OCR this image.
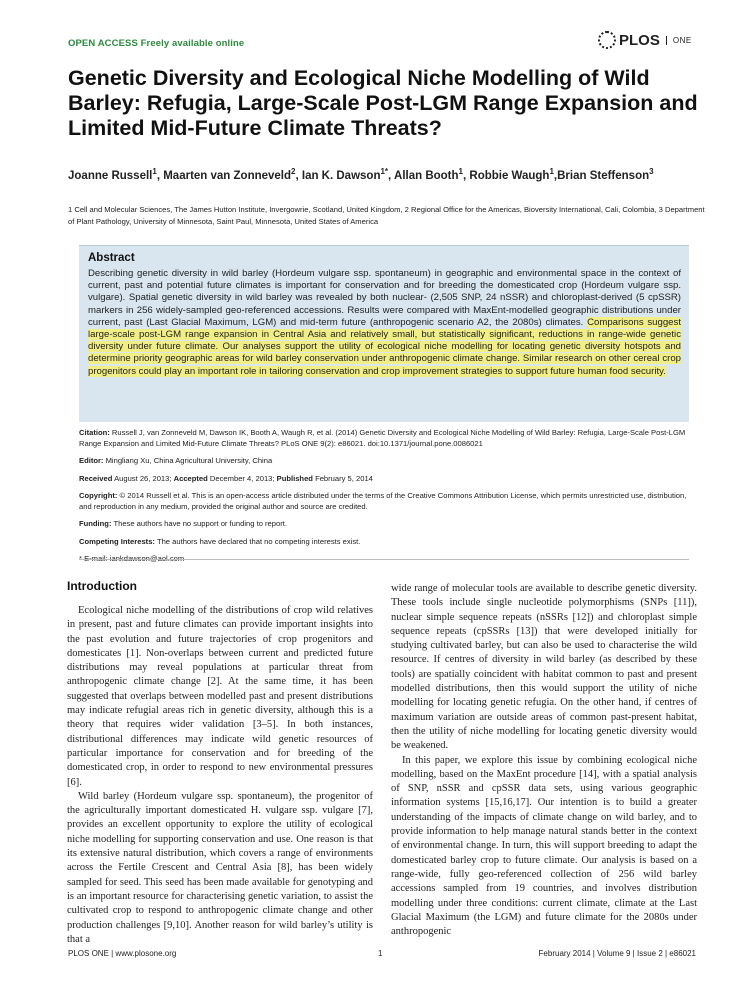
OPEN ACCESS Freely available online	PLOS	ONE
Genetic Diversity and Ecological Niche Modelling of Wild Barley: Refugia, Large-Scale Post-LGM Range Expansion and Limited Mid-Future Climate Threats?
Joanne Russell$^1$, Maarten van Zonneveld$^2$, Ian K. Dawson$^{1*}$, Allan Booth$^1$, Robbie Waugh$^1$,Brian Steffenson$^3$
1 Cell and Molecular Sciences, The James Hutton Institute, Invergowrie, Scotland, United Kingdom, 2 Regional Office for the Americas, Bioversity International, Cali, Colombia, 3 Department of Plant Pathology, University of Minnesota, Saint Paul, Minnesota, United States of America
Abstract

Describing genetic diversity in wild barley (Hordeum vulgare ssp. spontaneum) in geographic and environmental space in the context of current, past and potential future climates is important for conservation and for breeding the domesticated crop (Hordeum vulgare ssp. vulgare). Spatial genetic diversity in wild barley was revealed by both nuclear- (2,505 SNP, 24 nSSR) and chloroplast-derived (5 cpSSR) markers in 256 widely-sampled geo-referenced accessions. Results were compared with MaxEnt-modelled geographic distributions under current, past (Last Glacial Maximum, LGM) and mid-term future (anthropogenic scenario A2, the 2080s) climates. Comparisons suggest large-scale post-LGM range expansion in Central Asia and relatively small, but statistically significant, reductions in range-wide genetic diversity under future climate. Our analyses support the utility of ecological niche modelling for locating genetic diversity hotspots and determine priority geographic areas for wild barley conservation under anthropogenic climate change. Similar research on other cereal crop progenitors could play an important role in tailoring conservation and crop improvement strategies to support future human food security.

Citation: Russell J, van Zonneveld M, Dawson IK, Booth A, Waugh R, et al. (2014) Genetic Diversity and Ecological Niche Modelling of Wild Barley: Refugia, Large-Scale Post-LGM Range Expansion and Limited Mid-Future Climate Threats? PLoS ONE 9(2): e86021. doi:10.1371/journal.pone.0086021

Editor: Mingliang Xu, China Agricultural University, China

Received August 26, 2013; Accepted December 4, 2013; Published February 5, 2014

Copyright: © 2014 Russell et al. This is an open-access article distributed under the terms of the Creative Commons Attribution License, which permits unrestricted use, distribution, and reproduction in any medium, provided the original author and source are credited.

Funding: These authors have no support or funding to report.

Competing Interests: The authors have declared that no competing interests exist.

* E-mail: iankdawson@aol.com

Introduction

Ecological niche modelling of the distributions of crop wild relatives in present, past and future climates can provide important insights into the past evolution and future trajectories of crop progenitors and domesticates [1]. Non-overlaps between current and predicted future distributions may reveal populations at particular threat from anthropogenic climate change [2]. At the same time, it has been suggested that overlaps between modelled past and present distributions may indicate refugial areas rich in genetic diversity, although this is a theory that requires wider validation [3–5]. In both instances, distributional differences may indicate wild genetic resources of particular importance for conservation and for breeding of the domesticated crop, in order to respond to new environmental pressures [6].

Wild barley (Hordeum vulgare ssp. spontaneum), the progenitor of the agriculturally important domesticated H. vulgare ssp. vulgare [7], provides an excellent opportunity to explore the utility of ecological niche modelling for supporting conservation and use. One reason is that its extensive natural distribution, which covers a range of environments across the Fertile Crescent and Central Asia [8], has been widely sampled for seed. This seed has been made available for genotyping and is an important resource for characterising genetic variation, to assist the cultivated crop to respond to anthropogenic climate change and other production challenges [9,10]. Another reason for wild barley’s utility is that a

wide range of molecular tools are available to describe genetic diversity. These tools include single nucleotide polymorphisms (SNPs [11]), nuclear simple sequence repeats (nSSRs [12]) and chloroplast simple sequence repeats (cpSSRs [13]) that were developed initially for studying cultivated barley, but can also be used to characterise the wild resource. If centres of diversity in wild barley (as described by these tools) are spatially coincident with habitat common to past and present modelled distributions, then this would support the utility of niche modelling for locating genetic refugia. On the other hand, if centres of maximum variation are outside areas of common past-present habitat, then the utility of niche modelling for locating genetic diversity would be weakened.

In this paper, we explore this issue by combining ecological niche modelling, based on the MaxEnt procedure [14], with a spatial analysis of SNP, nSSR and cpSSR data sets, using various geographic information systems [15,16,17]. Our intention is to build a greater understanding of the impacts of climate change on wild barley, and to provide information to help manage natural stands better in the context of environmental change. In turn, this will support breeding to adapt the domesticated barley crop to future climate. Our analysis is based on a range-wide, fully geo-referenced collection of 256 wild barley accessions sampled from 19 countries, and involves distribution modelling under three conditions: current climate, climate at the Last Glacial Maximum (the LGM) and future climate for the 2080s under anthropogenic

PLOS ONE | www.plosone.org	1	February 2014 | Volume 9 | Issue 2 | e86021
